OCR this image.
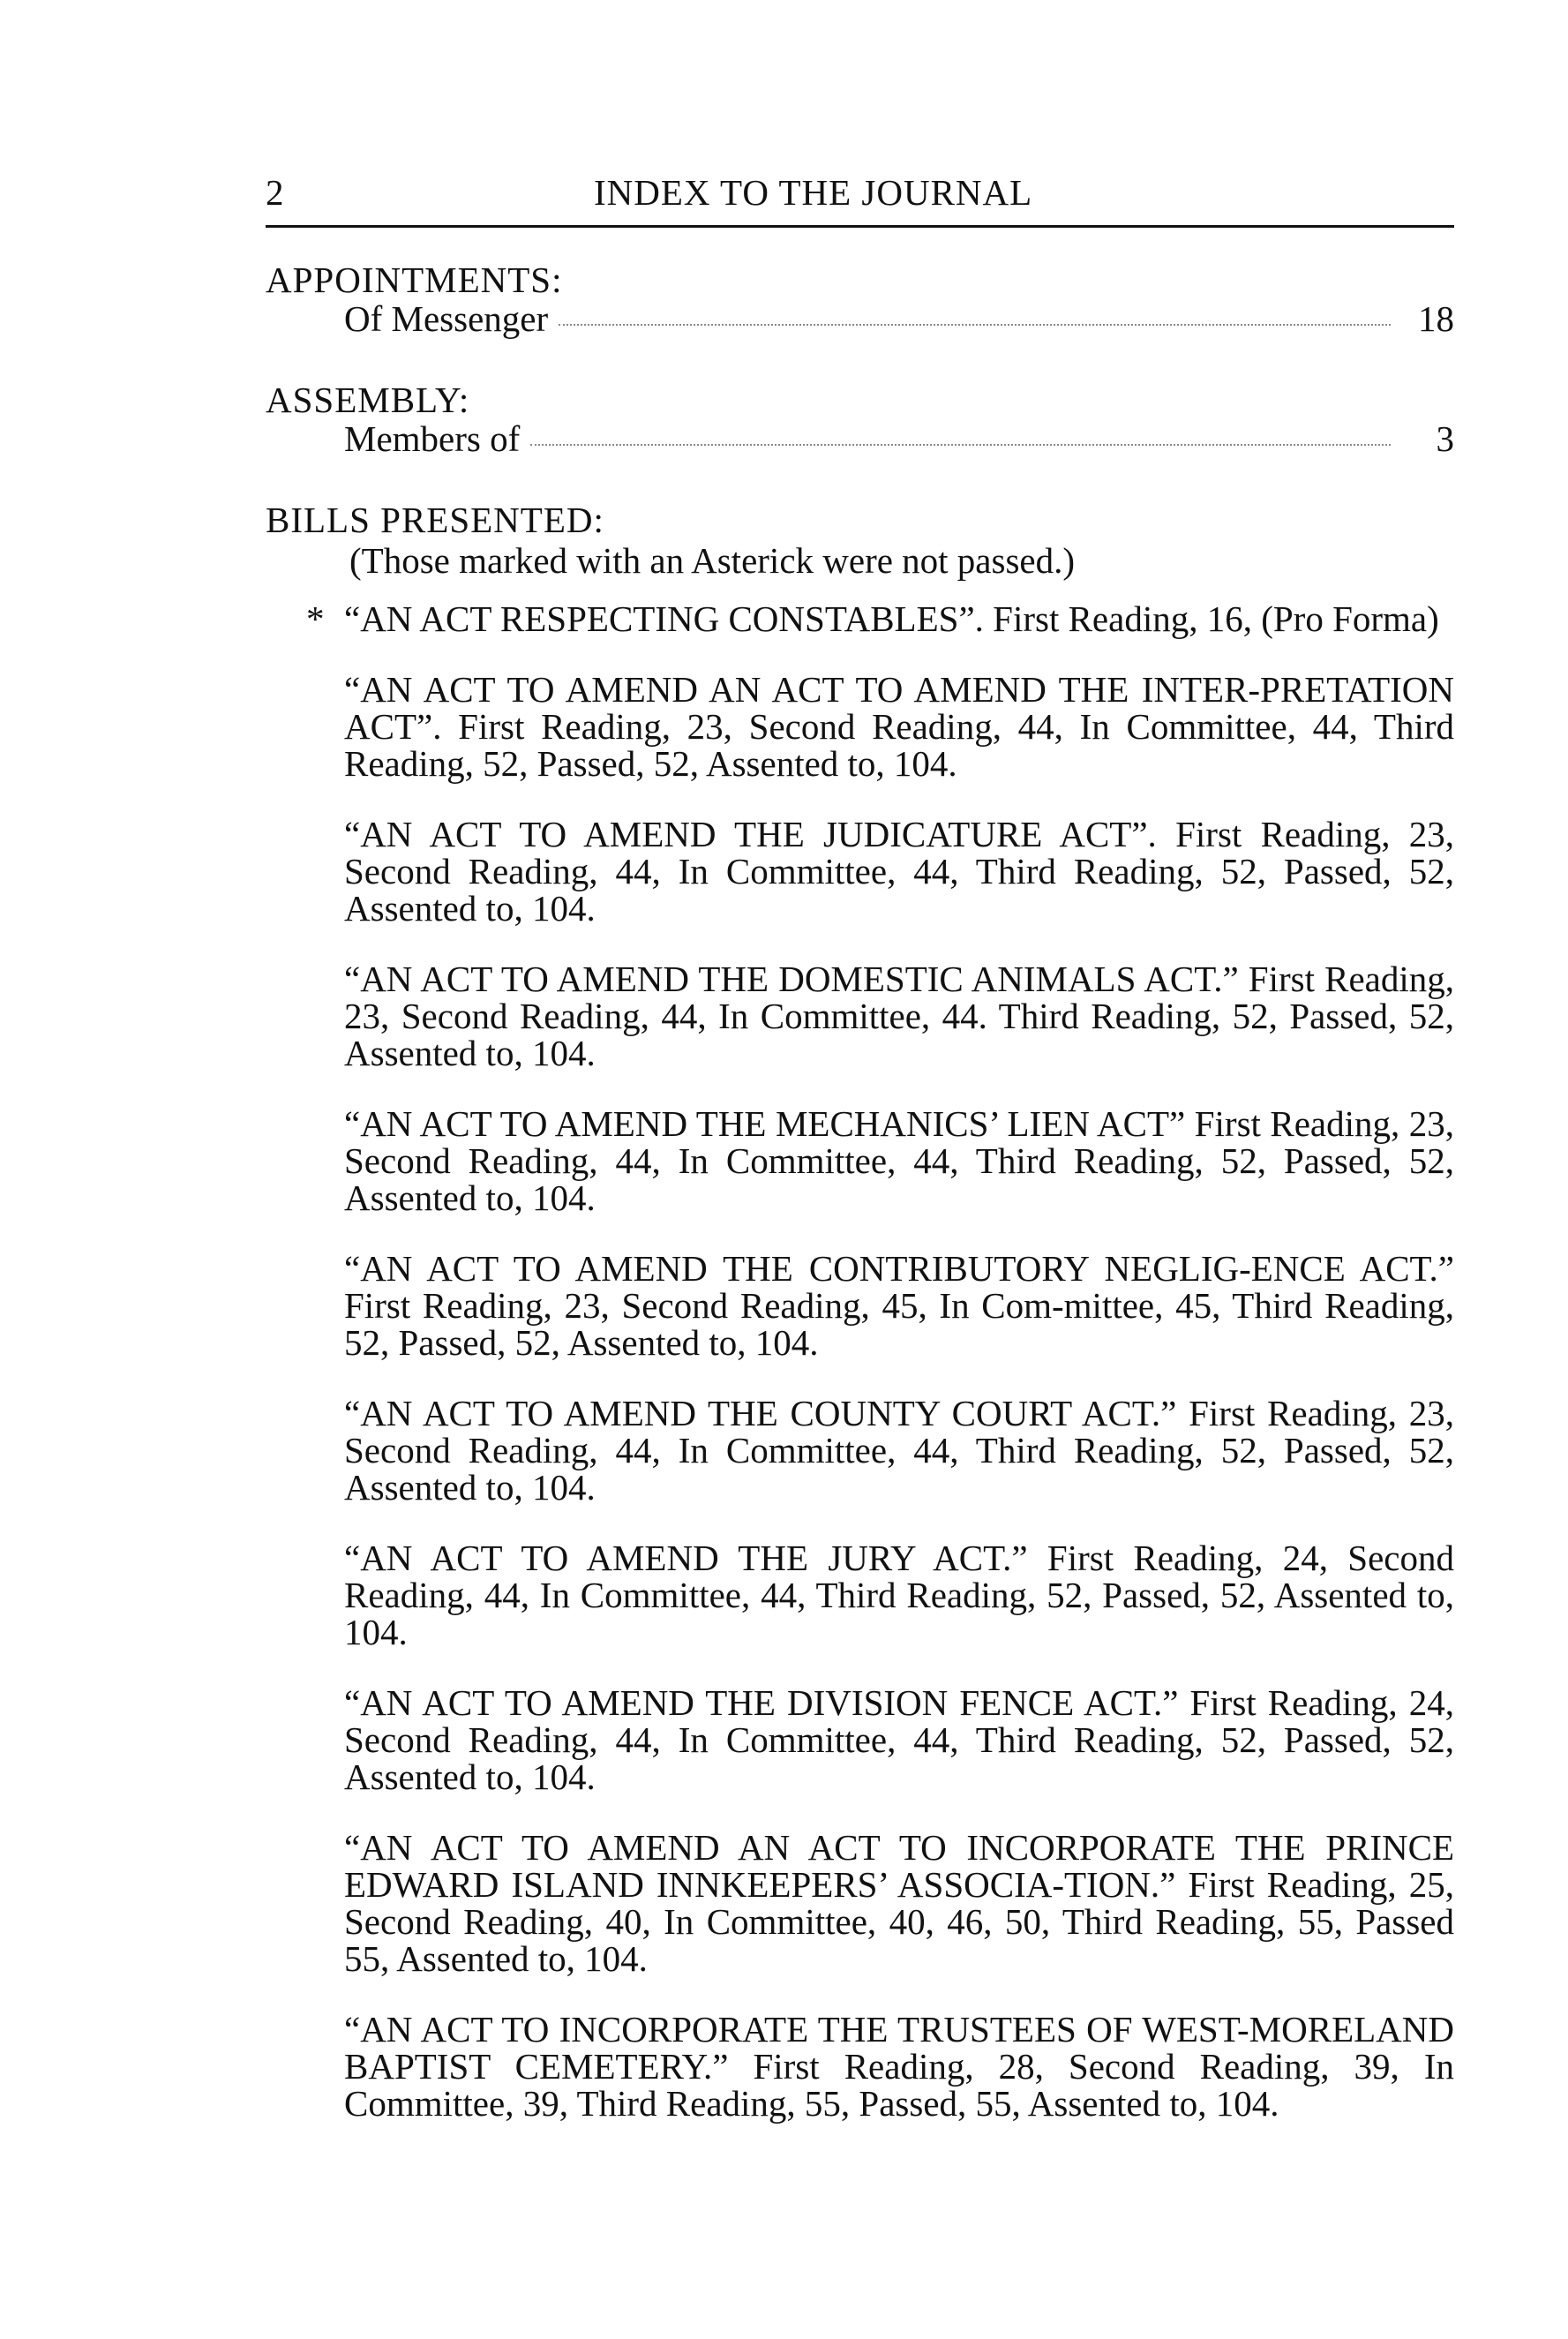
2	INDEX TO THE JOURNAL
APPOINTMENTS:
Of Messenger	18
ASSEMBLY:
Members of	3
BILLS PRESENTED:
(Those marked with an Asterick were not passed.)
* “AN ACT RESPECTING CONSTABLES”. First Reading, 16, (Pro Forma)
“AN ACT TO AMEND AN ACT TO AMEND THE INTER-PRETATION ACT”. First Reading, 23, Second Reading, 44, In Committee, 44, Third Reading, 52, Passed, 52, Assented to, 104.
“AN ACT TO AMEND THE JUDICATURE ACT”. First Reading, 23, Second Reading, 44, In Committee, 44, Third Reading, 52, Passed, 52, Assented to, 104.
“AN ACT TO AMEND THE DOMESTIC ANIMALS ACT.” First Reading, 23, Second Reading, 44, In Committee, 44. Third Reading, 52, Passed, 52, Assented to, 104.
“AN ACT TO AMEND THE MECHANICS’ LIEN ACT” First Reading, 23, Second Reading, 44, In Committee, 44, Third Reading, 52, Passed, 52, Assented to, 104.
“AN ACT TO AMEND THE CONTRIBUTORY NEGLIG-ENCE ACT.” First Reading, 23, Second Reading, 45, In Com-mittee, 45, Third Reading, 52, Passed, 52, Assented to, 104.
“AN ACT TO AMEND THE COUNTY COURT ACT.” First Reading, 23, Second Reading, 44, In Committee, 44, Third Reading, 52, Passed, 52, Assented to, 104.
“AN ACT TO AMEND THE JURY ACT.” First Reading, 24, Second Reading, 44, In Committee, 44, Third Reading, 52, Passed, 52, Assented to, 104.
“AN ACT TO AMEND THE DIVISION FENCE ACT.” First Reading, 24, Second Reading, 44, In Committee, 44, Third Reading, 52, Passed, 52, Assented to, 104.
“AN ACT TO AMEND AN ACT TO INCORPORATE THE PRINCE EDWARD ISLAND INNKEEPERS’ ASSOCIA-TION.” First Reading, 25, Second Reading, 40, In Committee, 40, 46, 50, Third Reading, 55, Passed 55, Assented to, 104.
“AN ACT TO INCORPORATE THE TRUSTEES OF WEST-MORELAND BAPTIST CEMETERY.” First Reading, 28, Second Reading, 39, In Committee, 39, Third Reading, 55, Passed, 55, Assented to, 104.
